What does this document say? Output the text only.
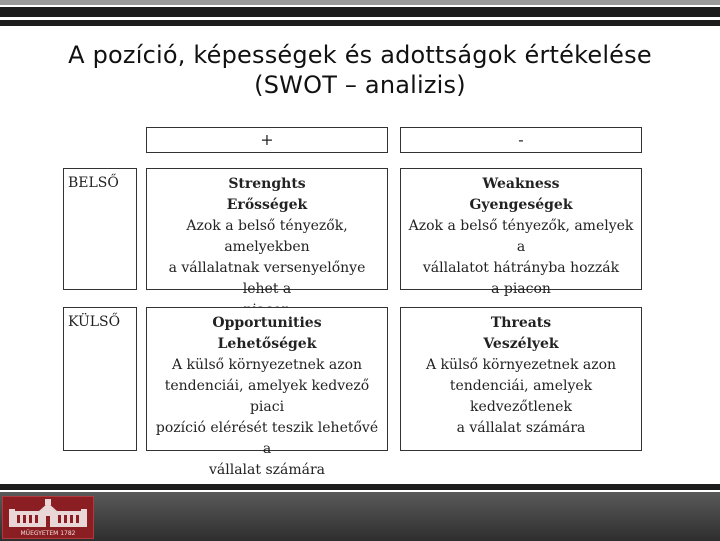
A pozíció, képességek és adottságok értékelése
(SWOT – analizis)
+	-
BELSŐ
KÜLSŐ
Strenghts
Erősségek
Azok a belső tényezők, amelyekben
a vállalatnak versenyelőnye lehet a
Weakness
Gyengeségek
Azok a belső tényezők, amelyek a
vállalatot hátrányba hozzák
a piacon
Opportunities
Lehetőségek
A külső környezetnek azon
tendenciái, amelyek kedvező piaci
pozíció elérését teszik lehetővé a
vállalat számára
Threats
Veszélyek
A külső környezetnek azon
tendenciái, amelyek kedvezőtlenek
a vállalat számára
MŰEGYETEM 1782
